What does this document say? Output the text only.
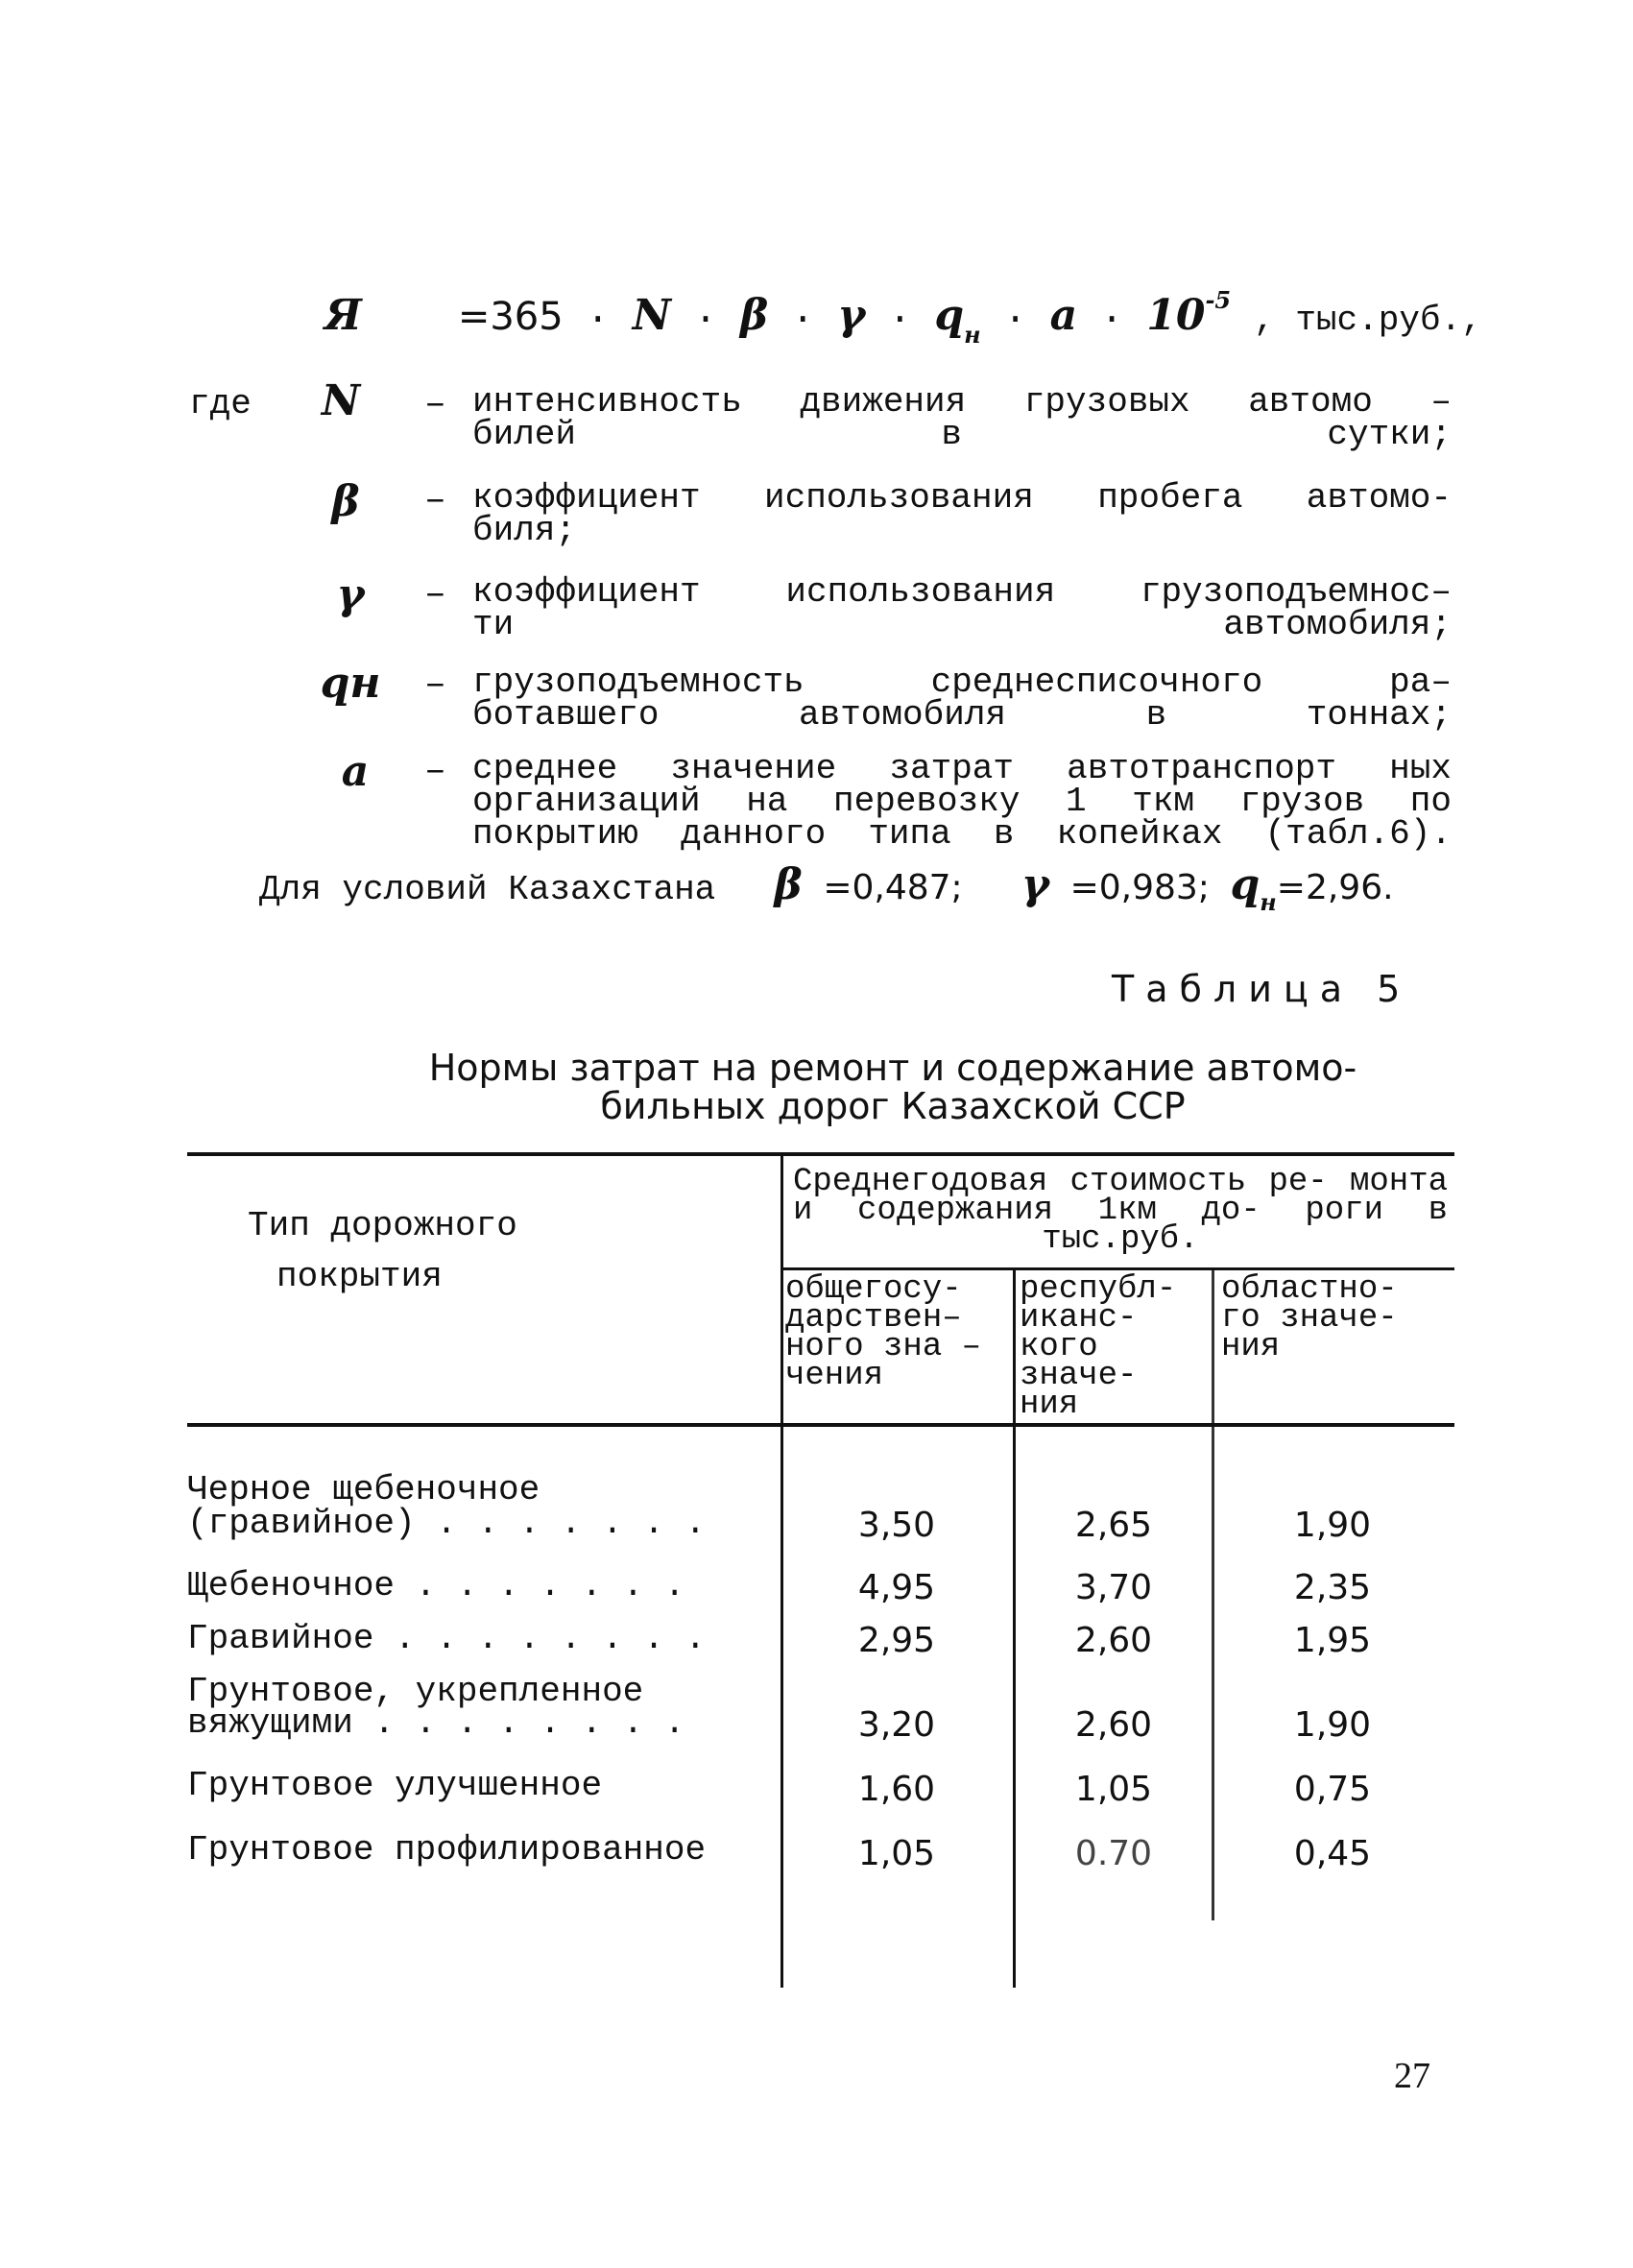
Я	$=365 \cdot N \cdot \beta \cdot \gamma \cdot q_н \cdot a \cdot 10^{-5}$ , тыс.руб.,
где	N	– интенсивность движения грузовых автомо –
билей в сутки;
β	– коэффициент использования пробега автомо-
биля;
γ	– коэффициент использования грузоподъемнос–
ти автомобиля;
qн – грузоподъемность среднесписочного ра–
ботавшего автомобиля в тоннах;
a	– среднее значение затрат автотранспорт ных
организаций на перевозку 1 ткм грузов по
покрытию данного типа в копейках (табл.6).
Для условий Казахстана β =0,487; γ =0,983; $q_н=2,96$.
Таблица 5
Нормы затрат на ремонт и содержание автомо- бильных дорог Казахской ССР
Тип дорожного
покрытия
Среднегодовая стоимость ре- монта и содержания 1км до- роги в тыс.руб.
общегосу- дарствен– ного зна – чения
республ- иканс- кого значе- ния
областно- го значе- ния
Черное щебеночное
(гравийное) . . . . . . .	3,50	2,65	1,90
Щебеночное . . . . . . .	4,95	3,70	2,35
Гравийное . . . . . . . .	2,95	2,60	1,95
Грунтовое, укрепленное
вяжущими . . . . . . . .	3,20	2,60	1,90
Грунтовое улучшенное	1,60	1,05	0,75
Грунтовое профилированное	1,05	0.70	0,45
27
